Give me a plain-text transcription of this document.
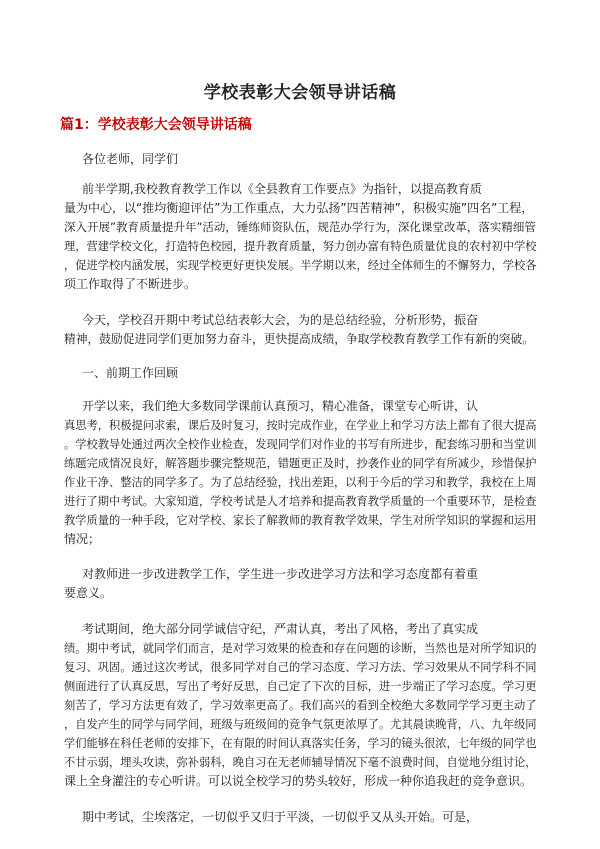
学校表彰大会领导讲话稿
篇1：学校表彰大会领导讲话稿
各位老师，同学们
前半学期,我校教育教学工作以《全县教育工作要点》为指针，以提高教育质
量为中心，以“推均衡迎评估”为工作重点，大力弘扬”四苦精神”，积极实施”四名”工程，
深入开展”教育质量提升年”活动，锤练师资队伍，规范办学行为，深化课堂改革，落实精细管
理，营建学校文化，打造特色校园，提升教育质量，努力创办富有特色质量优良的农村初中学校
，促进学校内涵发展，实现学校更好更快发展。半学期以来，经过全体师生的不懈努力，学校各
项工作取得了不断进步。
今天，学校召开期中考试总结表彰大会，为的是总结经验，分析形势，振奋
精神，鼓励促进同学们更加努力奋斗，更快提高成绩，争取学校教育教学工作有新的突破。
一、前期工作回顾
开学以来，我们绝大多数同学课前认真预习，精心准备，课堂专心听讲，认
真思考，积极提问求索，课后及时复习，按时完成作业，在学业上和学习方法上都有了很大提高
。学校教导处通过两次全校作业检查，发现同学们对作业的书写有所进步，配套练习册和当堂训
练题完成情况良好，解答题步骤完整规范，错题更正及时，抄袭作业的同学有所减少，珍惜保护
作业干净、整洁的同学多了。为了总结经验，找出差距，以利于今后的学习和教学，我校在上周
进行了期中考试。大家知道，学校考试是人才培养和提高教育教学质量的一个重要环节，是检查
教学质量的一种手段，它对学校、家长了解教师的教育教学效果，学生对所学知识的掌握和运用
情况；
对教师进一步改进教学工作，学生进一步改进学习方法和学习态度都有着重
要意义。
考试期间，绝大部分同学诚信守纪，严肃认真，考出了风格，考出了真实成
绩。期中考试，就同学们而言，是对学习效果的检查和存在问题的诊断，当然也是对所学知识的
复习、巩固。通过这次考试，很多同学对自己的学习态度、学习方法、学习效果从不同学科不同
侧面进行了认真反思，写出了考好反思，自己定了下次的目标，进一步端正了学习态度。学习更
刻苦了，学习方法更有效了，学习效率更高了。我们高兴的看到全校绝大多数同学学习更主动了
，自发产生的同学与同学间，班级与班级间的竞争气氛更浓厚了。尤其晨读晚背，八、九年级同
学们能够在科任老师的安排下，在有限的时间认真落实任务，学习的镜头很浓，七年级的同学也
不甘示弱，埋头攻读，弥补弱科，晚自习在无老师辅导情况下毫不浪费时间，自觉地分组讨论，
课上全身灌注的专心听讲。可以说全校学习的势头较好，形成一种你追我赶的竞争意识。
期中考试，尘埃落定，一切似乎又归于平淡，一切似乎又从头开始。可是，
